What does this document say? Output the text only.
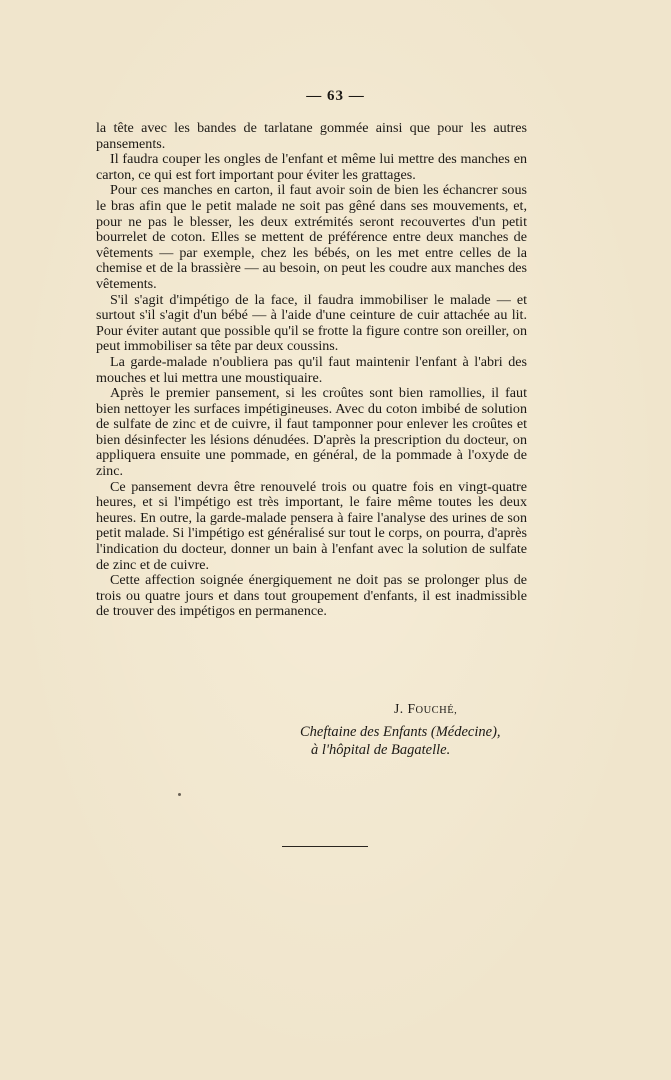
— 63 —

la tête avec les bandes de tarlatane gommée ainsi que pour les autres pansements.

Il faudra couper les ongles de l'enfant et même lui mettre des manches en carton, ce qui est fort important pour éviter les grattages.

Pour ces manches en carton, il faut avoir soin de bien les échancrer sous le bras afin que le petit malade ne soit pas gêné dans ses mouvements, et, pour ne pas le blesser, les deux extrémités seront recouvertes d'un petit bourrelet de coton. Elles se mettent de préférence entre deux manches de vêtements — par exemple, chez les bébés, on les met entre celles de la chemise et de la brassière — au besoin, on peut les coudre aux manches des vêtements.

S'il s'agit d'impétigo de la face, il faudra immobiliser le malade — et surtout s'il s'agit d'un bébé — à l'aide d'une ceinture de cuir attachée au lit. Pour éviter autant que possible qu'il se frotte la figure contre son oreiller, on peut immobiliser sa tête par deux coussins.

La garde-malade n'oubliera pas qu'il faut maintenir l'enfant à l'abri des mouches et lui mettra une moustiquaire.

Après le premier pansement, si les croûtes sont bien ramollies, il faut bien nettoyer les surfaces impétigineuses. Avec du coton imbibé de solution de sulfate de zinc et de cuivre, il faut tamponner pour enlever les croûtes et bien désinfecter les lésions dénudées. D'après la prescription du docteur, on appliquera ensuite une pommade, en général, de la pommade à l'oxyde de zinc.

Ce pansement devra être renouvelé trois ou quatre fois en vingt-quatre heures, et si l'impétigo est très important, le faire même toutes les deux heures. En outre, la garde-malade pensera à faire l'analyse des urines de son petit malade. Si l'impétigo est généralisé sur tout le corps, on pourra, d'après l'indication du docteur, donner un bain à l'enfant avec la solution de sulfate de zinc et de cuivre.

Cette affection soignée énergiquement ne doit pas se prolonger plus de trois ou quatre jours et dans tout groupement d'enfants, il est inadmissible de trouver des impétigos en permanence.

J. FOUCHÉ,
Cheftaine des Enfants (Médecine),
à l'hôpital de Bagatelle.
